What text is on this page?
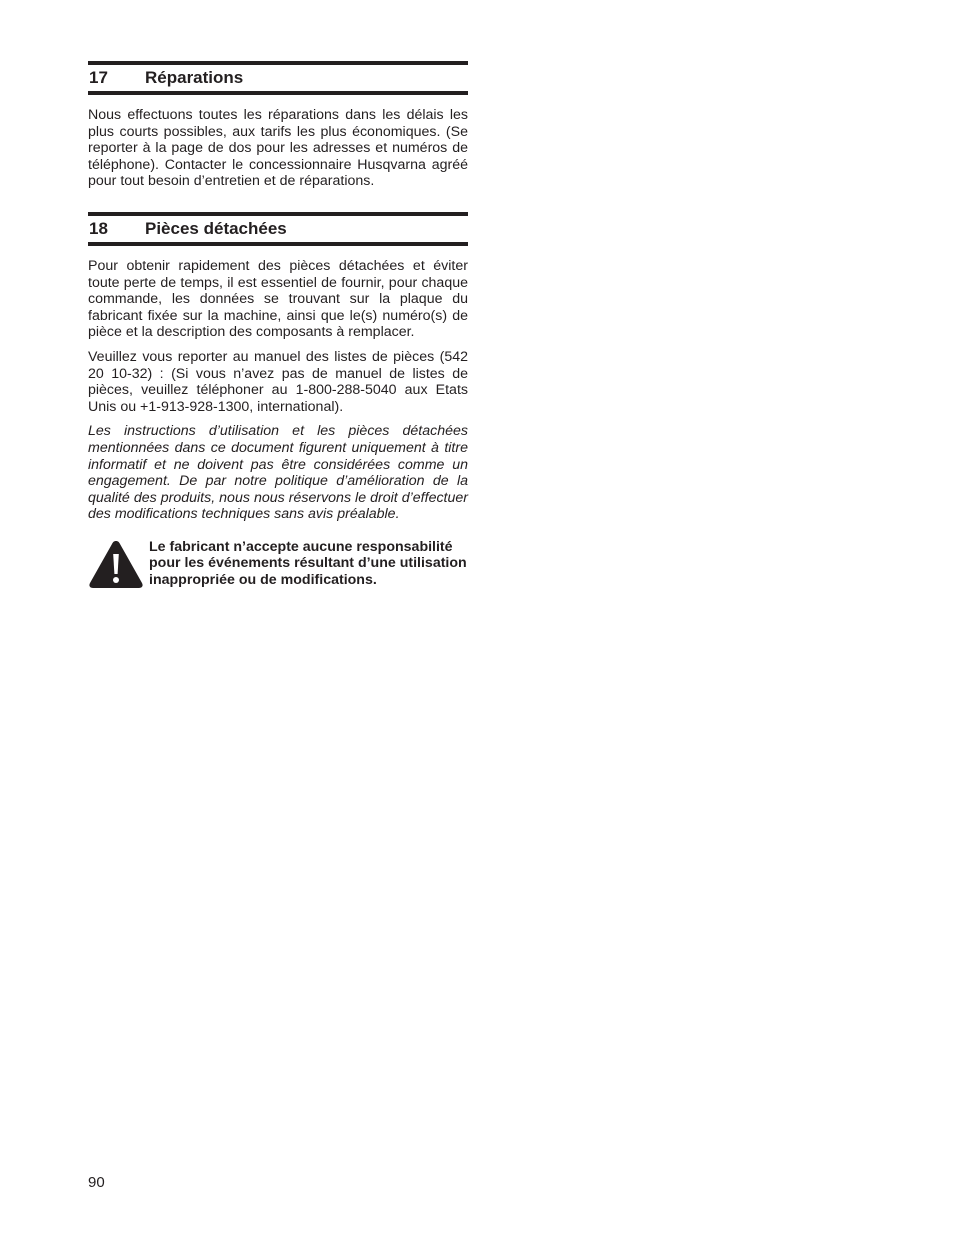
17	Réparations

Nous effectuons toutes les réparations dans les délais les plus courts possibles, aux tarifs les plus économiques. (Se reporter à la page de dos pour les adresses et numéros de téléphone). Contacter le concessionnaire Husqvarna agréé pour tout besoin d’entretien et de réparations.

18	Pièces détachées

Pour obtenir rapidement des pièces détachées et éviter toute perte de temps, il est essentiel de fournir, pour chaque commande, les données se trouvant sur la plaque du fabricant fixée sur la machine, ainsi que le(s) numéro(s) de pièce et la description des composants à remplacer.

Veuillez vous reporter au manuel des listes de pièces (542 20 10-32) : (Si vous n’avez pas de manuel de listes de pièces, veuillez téléphoner au 1-800-288-5040 aux Etats Unis ou +1-913-928-1300, international).

Les instructions d’utilisation et les pièces détachées mentionnées dans ce document figurent uniquement à titre informatif et ne doivent pas être considérées comme un engagement. De par notre politique d’amélioration de la qualité des produits, nous nous réservons le droit d’effectuer des modifications techniques sans avis préalable.

Le fabricant n’accepte aucune responsabilité pour les événements résultant d’une utilisation inappropriée ou de modifications.

90
